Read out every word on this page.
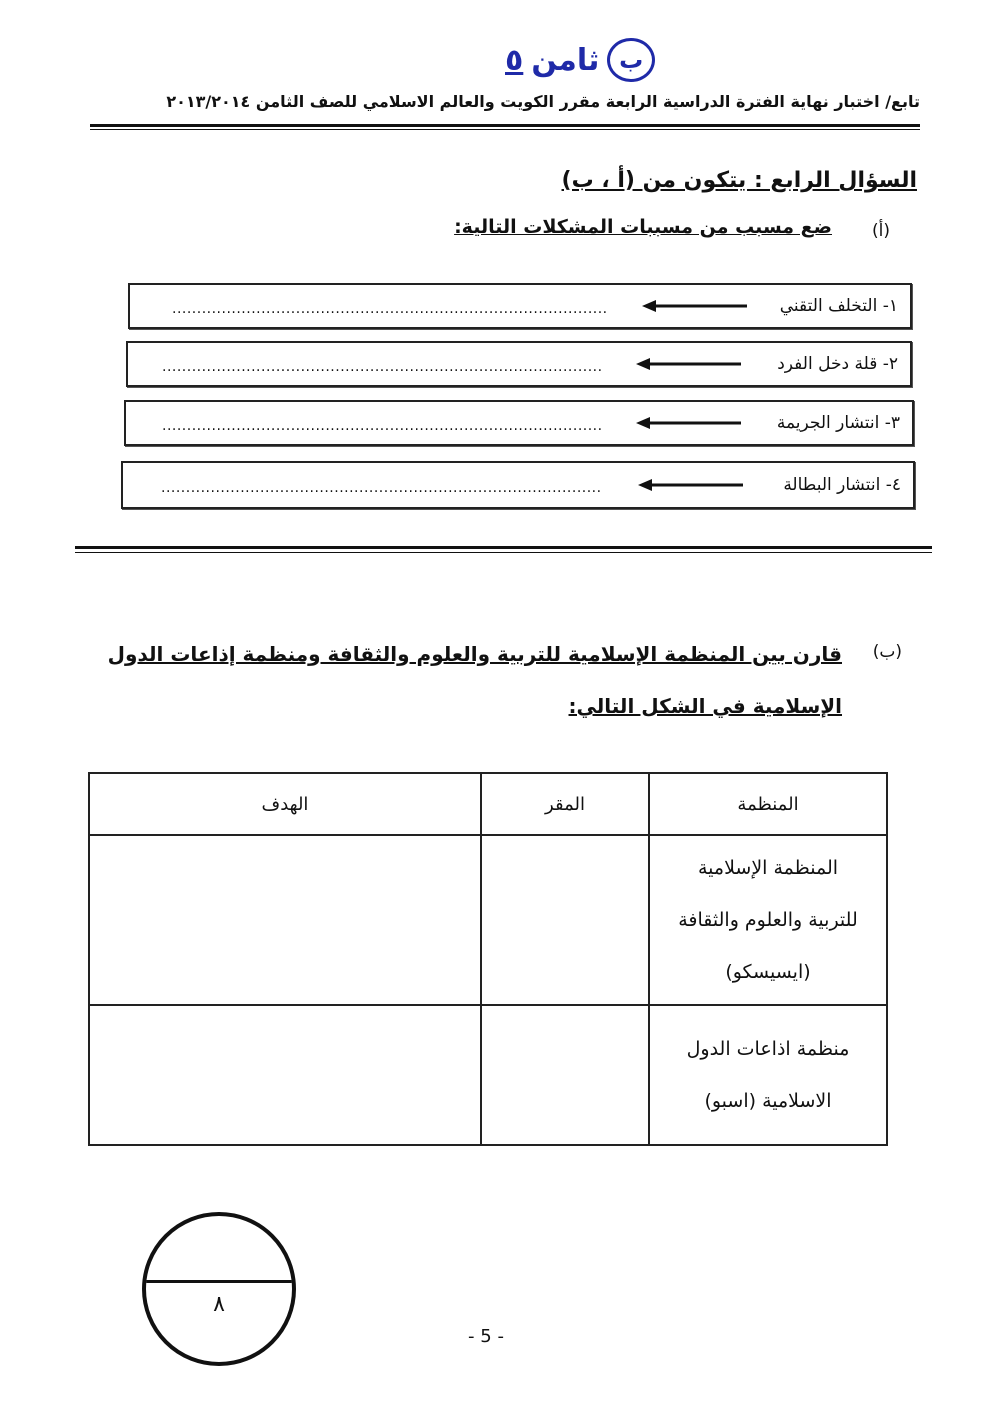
ب
ثامن
٥
تابع/ اختبار نهاية الفترة الدراسية الرابعة مقرر الكويت والعالم الاسلامي للصف الثامن ٢٠١٣/٢٠١٤
السؤال الرابع : يتكون من (أ ، ب)
(أ)
ضع مسبب من مسببات المشكلات التالية:
١- التخلف التقني
........................................................................................
٢- قلة دخل الفرد
.........................................................................................
٣- انتشار الجريمة
.........................................................................................
٤- انتشار البطالة
.........................................................................................
(ب)
قارن بين المنظمة الإسلامية للتربية والعلوم والثقافة ومنظمة إذاعات الدول الإسلامية في الشكل التالي:
المنظمة	المقر	الهدف

المنظمة الإسلامية
للتربية والعلوم والثقافة
(ايسيسكو)		

منظمة اذاعات الدول
الاسلامية (اسبو)		

٨
- 5 -
